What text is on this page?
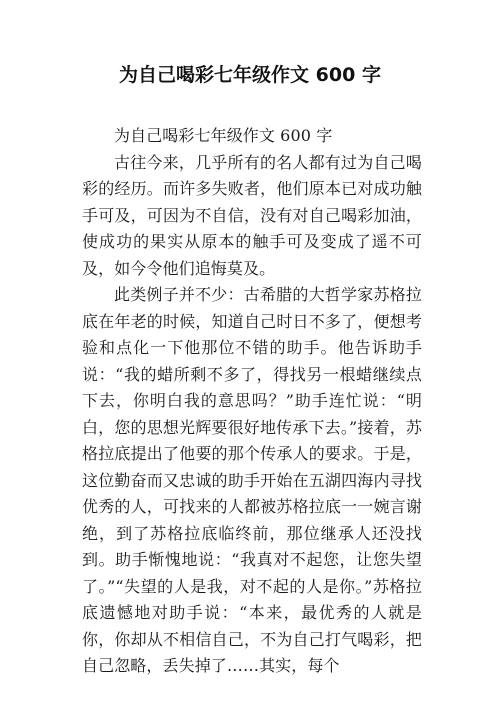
为自己喝彩七年级作文 600 字

为自己喝彩七年级作文 600 字

古往今来，几乎所有的名人都有过为自己喝彩的经历。而许多失败者，他们原本已对成功触手可及，可因为不自信，没有对自己喝彩加油，使成功的果实从原本的触手可及变成了遥不可及，如今令他们追悔莫及。

此类例子并不少：古希腊的大哲学家苏格拉底在年老的时候，知道自己时日不多了，便想考验和点化一下他那位不错的助手。他告诉助手说：“我的蜡所剩不多了，得找另一根蜡继续点下去，你明白我的意思吗？”助手连忙说：“明白，您的思想光辉要很好地传承下去。”接着，苏格拉底提出了他要的那个传承人的要求。于是，这位勤奋而又忠诚的助手开始在五湖四海内寻找优秀的人，可找来的人都被苏格拉底一一婉言谢绝，到了苏格拉底临终前，那位继承人还没找到。助手惭愧地说：“我真对不起您，让您失望了。”“失望的人是我，对不起的人是你。”苏格拉底遗憾地对助手说：“本来，最优秀的人就是你，你却从不相信自己，不为自己打气喝彩，把自己忽略，丢失掉了……其实，每个
